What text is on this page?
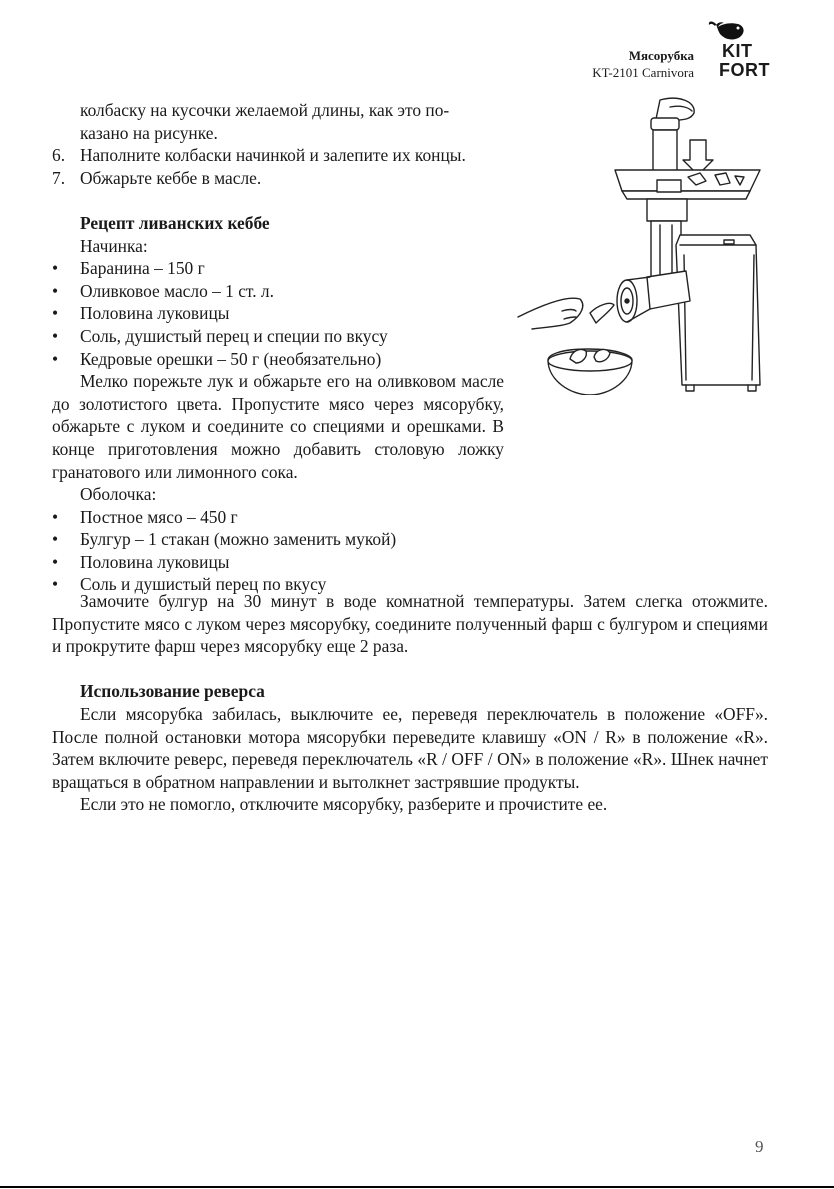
Мясорубка
KT-2101 Carnivora
KIT
FORT

колбаску на кусочки желаемой длины, как это по-

казано на рисунке.

6. Наполните колбаски начинкой и залепите их концы.

7. Обжарьте кеббе в масле.

Рецепт ливанских кеббе

Начинка:

• Баранина – 150 г

• Оливковое масло – 1 ст. л.

• Половина луковицы

• Соль, душистый перец и специи по вкусу

• Кедровые орешки – 50 г (необязательно)

Мелко порежьте лук и обжарьте его на оливковом масле до золотистого цвета. Пропустите мясо через мясорубку, обжарьте с луком и соедините со специями и орешками. В конце приготовления можно добавить столовую ложку гранатового или лимонного сока.

Оболочка:

• Постное мясо – 450 г

• Булгур – 1 стакан (можно заменить мукой)

• Половина луковицы

• Соль и душистый перец по вкусу

Замочите булгур на 30 минут в воде комнатной температуры. Затем слегка отожмите. Пропустите мясо с луком через мясорубку, соедините полученный фарш с булгуром и специями и прокрутите фарш через мясорубку еще 2 раза.

Использование реверса

Если мясорубка забилась, выключите ее, переведя переключатель в положение «OFF». После полной остановки мотора мясорубки переведите клавишу «ON / R» в положение «R». Затем включите реверс, переведя переключатель «R / OFF / ON» в положение «R». Шнек начнет вращаться в обратном направлении и вытолкнет застрявшие продукты.

Если это не помогло, отключите мясорубку, разберите и прочистите ее.

9
